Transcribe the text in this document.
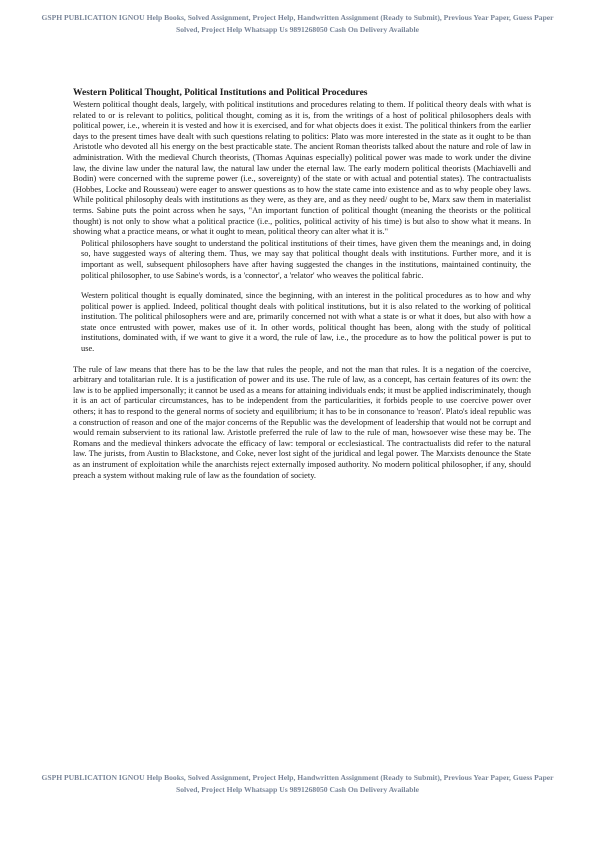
GSPH PUBLICATION IGNOU Help Books, Solved Assignment, Project Help, Handwritten Assignment (Ready to Submit), Previous Year Paper, Guess Paper Solved, Project Help Whatsapp Us 9891268050 Cash On Delivery Available
Western Political Thought, Political Institutions and Political Procedures

Western political thought deals, largely, with political institutions and procedures relating to them. If political theory deals with what is related to or is relevant to politics, political thought, coming as it is, from the writings of a host of political philosophers deals with political power, i.e., wherein it is vested and how it is exercised, and for what objects does it exist. The political thinkers from the earlier days to the present times have dealt with such questions relating to politics: Plato was more interested in the state as it ought to be than Aristotle who devoted all his energy on the best practicable state. The ancient Roman theorists talked about the nature and role of law in administration. With the medieval Church theorists, (Thomas Aquinas especially) political power was made to work under the divine law, the divine law under the natural law, the natural law under the eternal law. The early modern political theorists (Machiavelli and Bodin) were concerned with the supreme power (i.e., sovereignty) of the state or with actual and potential states). The contractualists (Hobbes, Locke and Rousseau) were eager to answer questions as to how the state came into existence and as to why people obey laws. While political philosophy deals with institutions as they were, as they are, and as they need/ ought to be, Marx saw them in materialist terms. Sabine puts the point across when he says, "An important function of political thought (meaning the theorists or the political thought) is not only to show what a political practice (i.e., politics, political activity of his time) is but also to show what it means. In showing what a practice means, or what it ought to mean, political theory can alter what it is."

Political philosophers have sought to understand the political institutions of their times, have given them the meanings and, in doing so, have suggested ways of altering them. Thus, we may say that political thought deals with institutions. Further more, and it is important as well, subsequent philosophers have after having suggested the changes in the institutions, maintained continuity, the political philosopher, to use Sabine's words, is a 'connector', a 'relator' who weaves the political fabric.

Western political thought is equally dominated, since the beginning, with an interest in the political procedures as to how and why political power is applied. Indeed, political thought deals with political institutions, but it is also related to the working of political institution. The political philosophers were and are, primarily concerned not with what a state is or what it does, but also with how a state once entrusted with power, makes use of it. In other words, political thought has been, along with the study of political institutions, dominated with, if we want to give it a word, the rule of law, i.e., the procedure as to how the political power is put to use.

The rule of law means that there has to be the law that rules the people, and not the man that rules. It is a negation of the coercive, arbitrary and totalitarian rule. It is a justification of power and its use. The rule of law, as a concept, has certain features of its own: the law is to be applied impersonally; it cannot be used as a means for attaining individuals ends; it must be applied indiscriminately, though it is an act of particular circumstances, has to be independent from the particularities, it forbids people to use coercive power over others; it has to respond to the general norms of society and equilibrium; it has to be in consonance to 'reason'. Plato's ideal republic was a construction of reason and one of the major concerns of the Republic was the development of leadership that would not be corrupt and would remain subservient to its rational law. Aristotle preferred the rule of law to the rule of man, howsoever wise these may be. The Romans and the medieval thinkers advocate the efficacy of law: temporal or ecclesiastical. The contractualists did refer to the natural law. The jurists, from Austin to Blackstone, and Coke, never lost sight of the juridical and legal power. The Marxists denounce the State as an instrument of exploitation while the anarchists reject externally imposed authority. No modern political philosopher, if any, should preach a system without making rule of law as the foundation of society.

GSPH PUBLICATION IGNOU Help Books, Solved Assignment, Project Help, Handwritten Assignment (Ready to Submit), Previous Year Paper, Guess Paper Solved, Project Help Whatsapp Us 9891268050 Cash On Delivery Available
